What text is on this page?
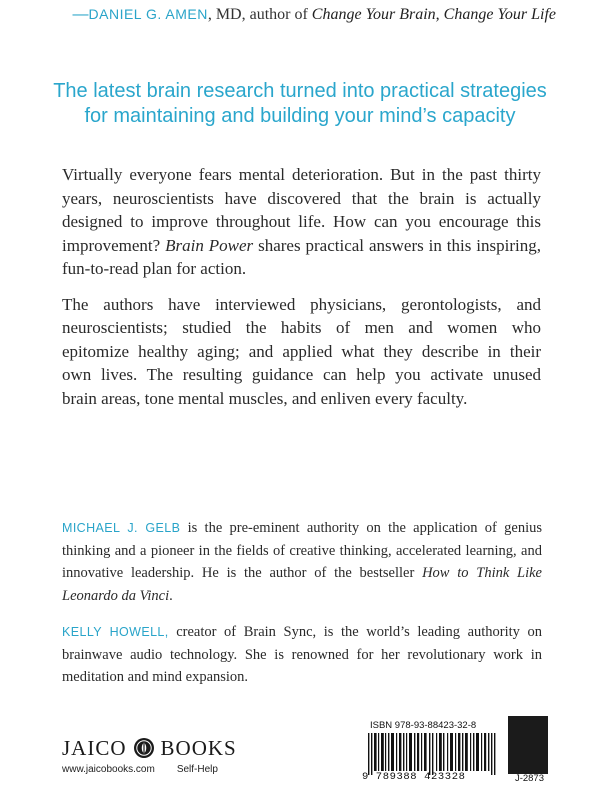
—DANIEL G. AMEN, MD, author of Change Your Brain, Change Your Life
The latest brain research turned into practical strategies
for maintaining and building your mind’s capacity

Virtually everyone fears mental deterioration. But in the past thirty
years, neuroscientists have discovered that the brain is actually
designed to improve throughout life. How can you encourage this
improvement? Brain Power shares practical answers in this inspiring,
fun-to-read plan for action.

The authors have interviewed physicians, gerontologists, and
neuroscientists; studied the habits of men and women who
epitomize healthy aging; and applied what they describe in their
own lives. The resulting guidance can help you activate unused
brain areas, tone mental muscles, and enliven every faculty.

MICHAEL J. GELB is the pre-eminent authority on the application of genius
thinking and a pioneer in the fields of creative thinking, accelerated learning, and
innovative leadership. He is the author of the bestseller How to Think Like
Leonardo da Vinci.

KELLY HOWELL, creator of Brain Sync, is the world’s leading authority on
brainwave audio technology. She is renowned for her revolutionary work in
meditation and mind expansion.

JAICO BOOKS
www.jaicobooks.com Self-Help
ISBN 978-93-88423-32-8
9 789388 423328	J-2873
